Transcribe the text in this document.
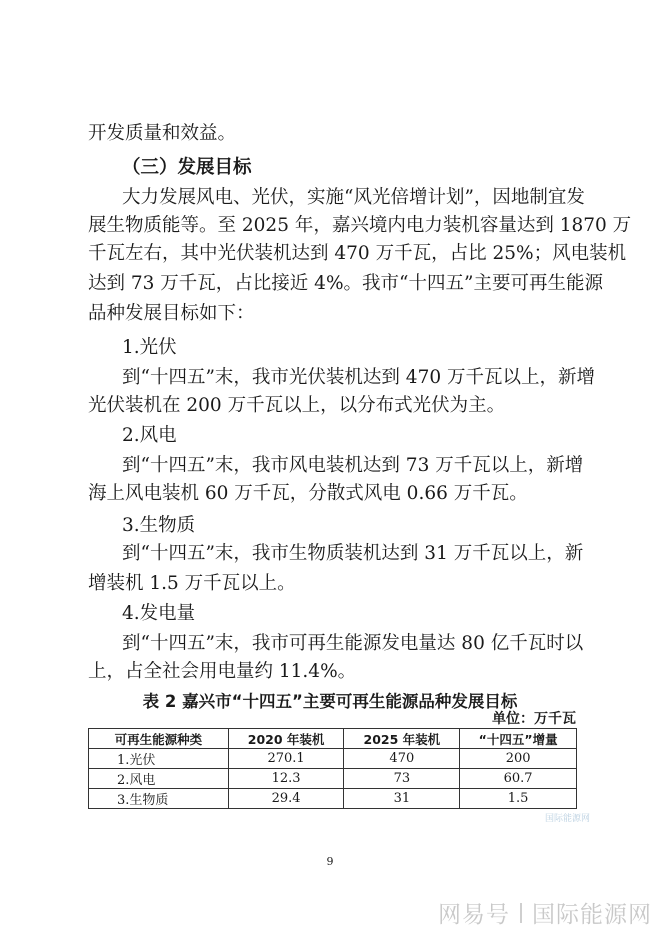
开发质量和效益。
（三）发展目标
大力发展风电、光伏，实施“风光倍增计划”，因地制宜发
展生物质能等。至 2025 年，嘉兴境内电力装机容量达到 1870 万
千瓦左右，其中光伏装机达到 470 万千瓦，占比 25%；风电装机
达到 73 万千瓦，占比接近 4%。我市“十四五”主要可再生能源
品种发展目标如下：
1.光伏
到“十四五”末，我市光伏装机达到 470 万千瓦以上，新增
光伏装机在 200 万千瓦以上，以分布式光伏为主。
2.风电
到“十四五”末，我市风电装机达到 73 万千瓦以上，新增
海上风电装机 60 万千瓦，分散式风电 0.66 万千瓦。
3.生物质
到“十四五”末，我市生物质装机达到 31 万千瓦以上，新
增装机 1.5 万千瓦以上。
4.发电量
到“十四五”末，我市可再生能源发电量达 80 亿千瓦时以
上，占全社会用电量约 11.4%。
表 2 嘉兴市“十四五”主要可再生能源品种发展目标
单位：万千瓦
可再生能源种类	2020 年装机	2025 年装机	“十四五”增量
1.光伏	270.1	470	200
2.风电	12.3	73	60.7
3.生物质	29.4	31	1.5
国际能源网
9
网易号 国际能源网
